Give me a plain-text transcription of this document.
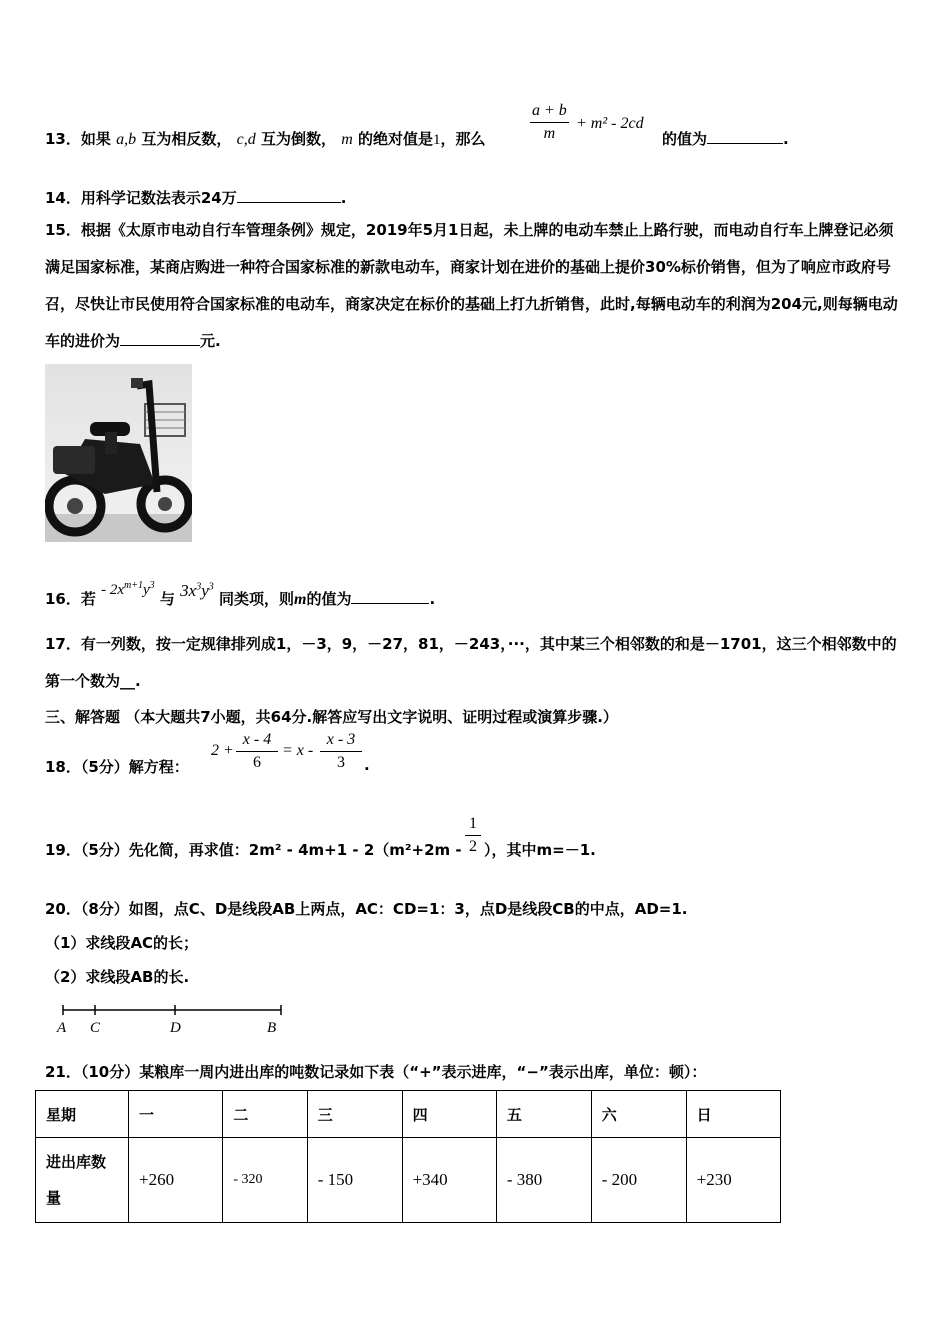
13．如果 a,b 互为相反数， c,d 互为倒数， m 的绝对值是1，那么
a + b
m
+ m² - 2cd
的值为	.
14．用科学记数法表示24万	.
15．根据《太原市电动自行车管理条例》规定，2019年5月1日起，未上牌的电动车禁止上路行驶，而电动自行车上牌登记必须满足国家标准，某商店购进一种符合国家标准的新款电动车，商家计划在进价的基础上提价30%标价销售，但为了响应市政府号召，尽快让市民使用符合国家标准的电动车，商家决定在标价的基础上打九折销售，此时,每辆电动车的利润为204元,则每辆电动车的进价为	元.
16．若 - $2x^{m+1}y^3$ 与 $3x^3y^3$ 同类项，则m的值为	.
17．有一列数，按一定规律排列成1，－3，9，－27，81，－243，···，其中某三个相邻数的和是－1701，这三个相邻数中的第一个数为__.
三、解答题 （本大题共7小题，共64分.解答应写出文字说明、证明过程或演算步骤.）
18．（5分）解方程：
2 +
x - 4
6
= x -
x - 3
3	.
19．（5分）先化简，再求值：2m² - 4m+1 - 2（m²+2m -
1
2 ），其中m=－1.
20．（8分）如图，点C、D是线段AB上两点，AC：CD=1：3，点D是线段CB的中点，AD=1.
（1）求线段AC的长；
（2）求线段AB的长.
A C	D	B
21．（10分）某粮库一周内进出库的吨数记录如下表（“+”表示进库，“−”表示出库，单位：顿）：
星期	一	二	三	四	五	六	日
进出库数量	+260	- 320	- 150	+340	- 380	- 200	+230
